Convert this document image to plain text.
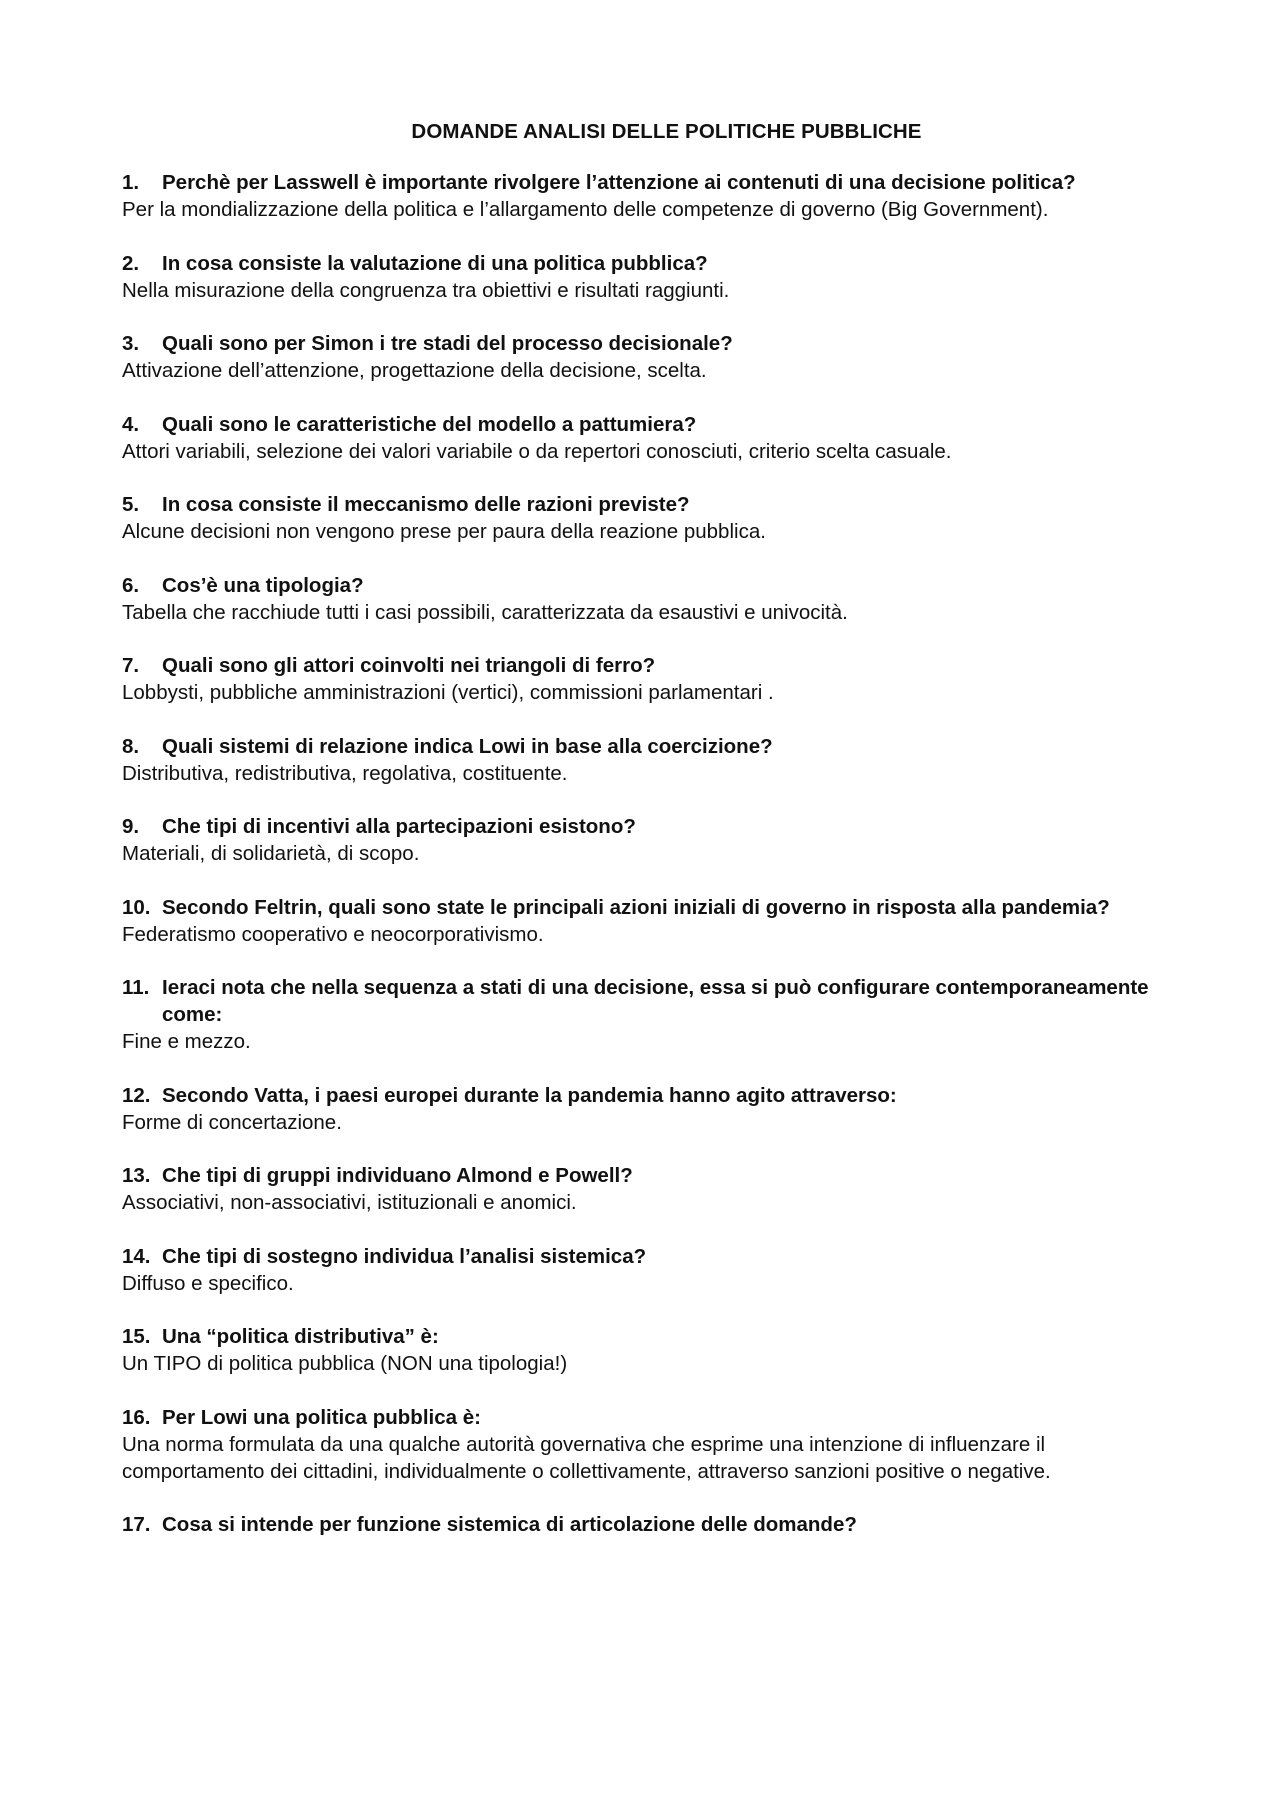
DOMANDE ANALISI DELLE POLITICHE PUBBLICHE
1. Perchè per Lasswell è importante rivolgere l’attenzione ai contenuti di una decisione politica?
Per la mondializzazione della politica e l’allargamento delle competenze di governo (Big Government).
2. In cosa consiste la valutazione di una politica pubblica?
Nella misurazione della congruenza tra obiettivi e risultati raggiunti.
3. Quali sono per Simon i tre stadi del processo decisionale?
Attivazione dell’attenzione, progettazione della decisione, scelta.
4. Quali sono le caratteristiche del modello a pattumiera?
Attori variabili, selezione dei valori variabile o da repertori conosciuti, criterio scelta casuale.
5. In cosa consiste il meccanismo delle razioni previste?
Alcune decisioni non vengono prese per paura della reazione pubblica.
6. Cos’è una tipologia?
Tabella che racchiude tutti i casi possibili, caratterizzata da esaustivi e univocità.
7. Quali sono gli attori coinvolti nei triangoli di ferro?
Lobbysti, pubbliche amministrazioni (vertici), commissioni parlamentari .
8. Quali sistemi di relazione indica Lowi in base alla coercizione?
Distributiva, redistributiva, regolativa, costituente.
9. Che tipi di incentivi alla partecipazioni esistono?
Materiali, di solidarietà, di scopo.
10. Secondo Feltrin, quali sono state le principali azioni iniziali di governo in risposta alla pandemia?
Federatismo cooperativo e neocorporativismo.
11. Ieraci nota che nella sequenza a stati di una decisione, essa si può configurare contemporaneamente come:
Fine e mezzo.
12. Secondo Vatta, i paesi europei durante la pandemia hanno agito attraverso:
Forme di concertazione.
13. Che tipi di gruppi individuano Almond e Powell?
Associativi, non-associativi, istituzionali e anomici.
14. Che tipi di sostegno individua l’analisi sistemica?
Diffuso e specifico.
15. Una “politica distributiva” è:
Un TIPO di politica pubblica (NON una tipologia!)
16. Per Lowi una politica pubblica è:
Una norma formulata da una qualche autorità governativa che esprime una intenzione di influenzare il comportamento dei cittadini, individualmente o collettivamente, attraverso sanzioni positive o negative.
17. Cosa si intende per funzione sistemica di articolazione delle domande?
